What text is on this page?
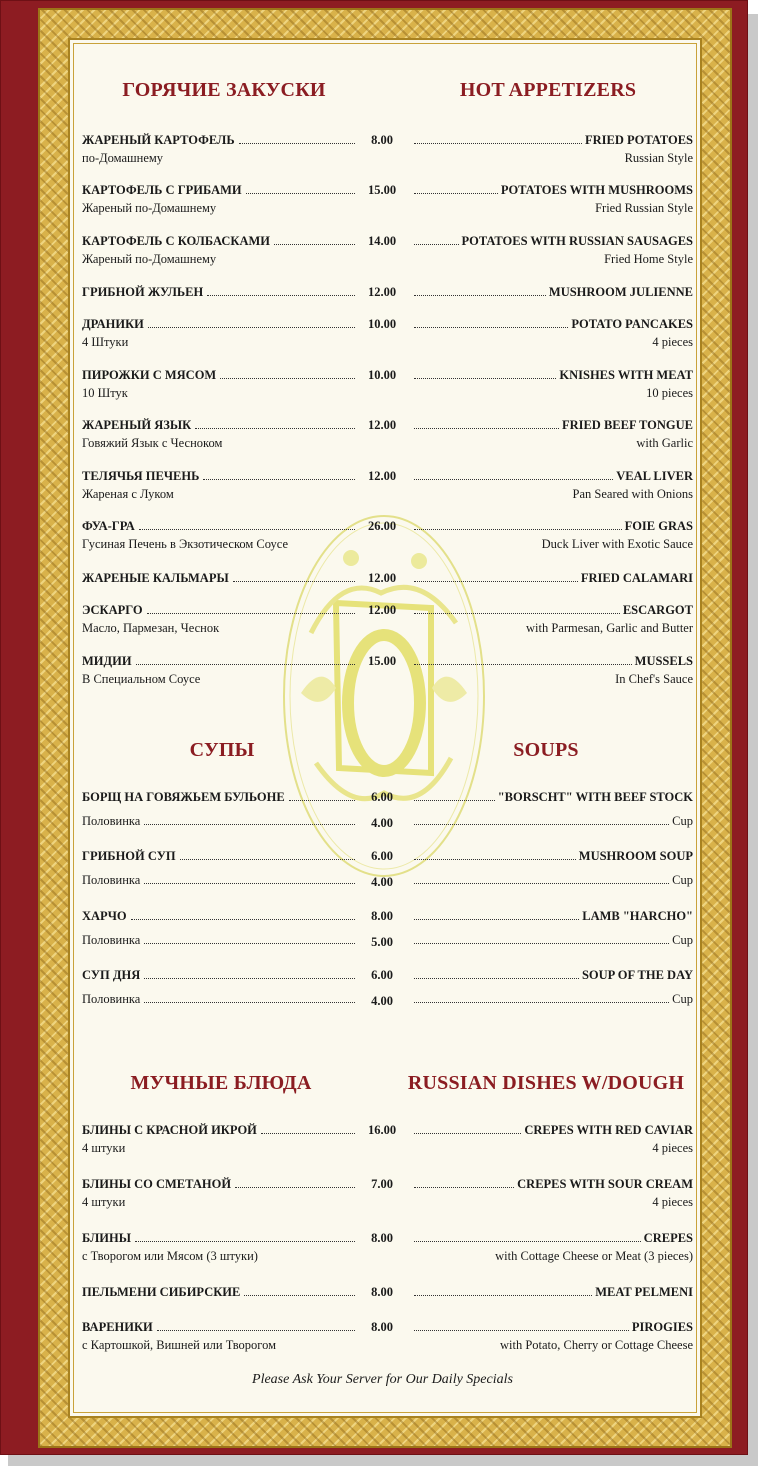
ГОРЯЧИЕ ЗАКУСКИ	HOT APPETIZERS
ЖАРЕНЫЙ КАРТОФЕЛЬ	8.00	FRIED POTATOES
по-Домашнему	Russian Style
КАРТОФЕЛЬ С ГРИБАМИ	15.00	POTATOES WITH MUSHROOMS
Жареный по-Домашнему	Fried Russian Style
КАРТОФЕЛЬ С КОЛБАСКАМИ	14.00	POTATOES WITH RUSSIAN SAUSAGES
Жареный по-Домашнему	Fried Home Style
ГРИБНОЙ ЖУЛЬЕН	12.00	MUSHROOM JULIENNE
ДРАНИКИ	10.00	POTATO PANCAKES
4 Штуки	4 pieces
ПИРОЖКИ С МЯСОМ	10.00	KNISHES WITH MEAT
10 Штук	10 pieces
ЖАРЕНЫЙ ЯЗЫК	12.00	FRIED BEEF TONGUE
Говяжий Язык с Чесноком	with Garlic
ТЕЛЯЧЬЯ ПЕЧЕНЬ	12.00	VEAL LIVER
Жареная с Луком	Pan Seared with Onions
ФУА-ГРА	26.00	FOIE GRAS
Гусиная Печень в Экзотическом Соусе	Duck Liver with Exotic Sauce
ЖАРЕНЫЕ КАЛЬМАРЫ	12.00	FRIED CALAMARI
ЭСКАРГО	12.00	ESCARGOT
Масло, Пармезан, Чеснок	with Parmesan, Garlic and Butter
МИДИИ	15.00	MUSSELS
В Специальном Соусе	In Chef's Sauce
СУПЫ	SOUPS
БОРЩ НА ГОВЯЖЬЕМ БУЛЬОНЕ	6.00	"BORSCHT" WITH BEEF STOCK
Половинка	4.00	Cup
ГРИБНОЙ СУП	6.00	MUSHROOM SOUP
Половинка	4.00	Cup
ХАРЧО	8.00	LAMB "HARCHO"
Половинка	5.00	Cup
СУП ДНЯ	6.00	SOUP OF THE DAY
Половинка	4.00	Cup
МУЧНЫЕ БЛЮДА	RUSSIAN DISHES W/DOUGH
БЛИНЫ С КРАСНОЙ ИКРОЙ	16.00	CREPES WITH RED CAVIAR
4 штуки	4 pieces
БЛИНЫ СО СМЕТАНОЙ	7.00	CREPES WITH SOUR CREAM
4 штуки	4 pieces
БЛИНЫ	8.00	CREPES
с Творогом или Мясом (3 штуки)	with Cottage Cheese or Meat (3 pieces)
ПЕЛЬМЕНИ СИБИРСКИЕ	8.00	MEAT PELMENI
ВАРЕНИКИ	8.00	PIROGIES
с Картошкой, Вишней или Творогом	with Potato, Cherry or Cottage Cheese
Please Ask Your Server for Our Daily Specials
